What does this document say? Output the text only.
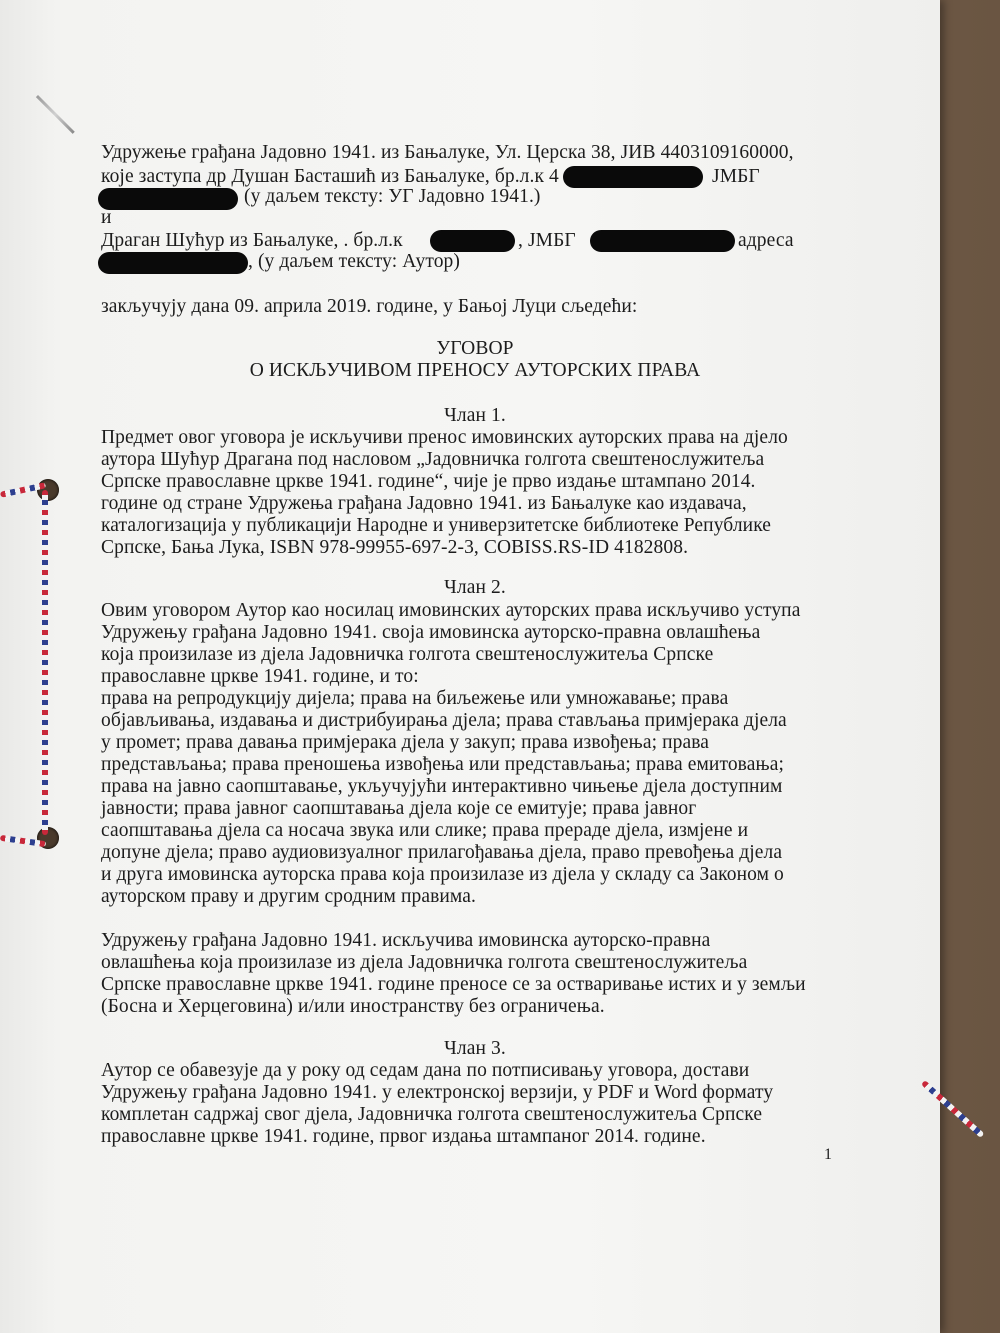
Удружење грађана Јадовно 1941. из Бањалуке, Ул. Церска 38, ЈИВ 4403109160000,
које заступа др Душан Басташић из Бањалуке, бр.л.к 4	ЈМБГ
(у даљем тексту: УГ Јадовно 1941.)
и
Драган Шућур из Бањалуке, . бр.л.к	, ЈМБГ	адреса
, (у даљем тексту: Аутор)
закључују дана 09. априла 2019. године, у Бањој Луци сљедећи:
УГОВОР
О ИСКЉУЧИВОМ ПРЕНОСУ АУТОРСКИХ ПРАВА
Члан 1.
Предмет овог уговора је искључиви пренос имовинских ауторских права на дјело
аутора Шућур Драгана под насловом „Јадовничка голгота свештенослужитеља
Српске православне цркве 1941. године“, чије је прво издање штампано 2014.
године од стране Удружења грађана Јадовно 1941. из Бањалуке као издавача,
каталогизација у публикацији Народне и универзитетске библиотеке Републике
Српске, Бања Лука, ISBN 978-99955-697-2-3, COBISS.RS-ID 4182808.
Члан 2.
Овим уговором Аутор као носилац имовинских ауторских права искључиво уступа
Удружењу грађана Јадовно 1941. своја имовинска ауторско-правна овлашћења
која произилазе из дјела Јадовничка голгота свештенослужитеља Српске
православне цркве 1941. године, и то:
права на репродукцију дијела; права на биљежење или умножавање; права
објављивања, издавања и дистрибуирања дјела; права стављања примјерака дјела
у промет; права давања примјерака дјела у закуп; права извођења; права
представљања; права преношења извођења или представљања; права емитовања;
права на јавно саопштавање, укључујући интерактивно чињење дјела доступним
јавности; права јавног саопштавања дјела које се емитује; права јавног
саопштавања дјела са носача звука или слике; права прераде дјела, измјене и
допуне дјела; право аудиовизуалног прилагођавања дјела, право превођења дјела
и друга имовинска ауторска права која произилазе из дјела у складу са Законом о
ауторском праву и другим сродним правима.
Удружењу грађана Јадовно 1941. искључива имовинска ауторско-правна
овлашћења која произилазе из дјела Јадовничка голгота свештенослужитеља
Српске православне цркве 1941. године преносе се за остваривање истих и у земљи
(Босна и Херцеговина) и/или иностранству без ограничења.
Члан 3.
Аутор се обавезује да у року од седам дана по потписивању уговора, достави
Удружењу грађана Јадовно 1941. у електронској верзији, у PDF и Word формату
комплетан садржај свог дјела, Јадовничка голгота свештенослужитеља Српске
православне цркве 1941. године, првог издања штампаног 2014. године.
1
